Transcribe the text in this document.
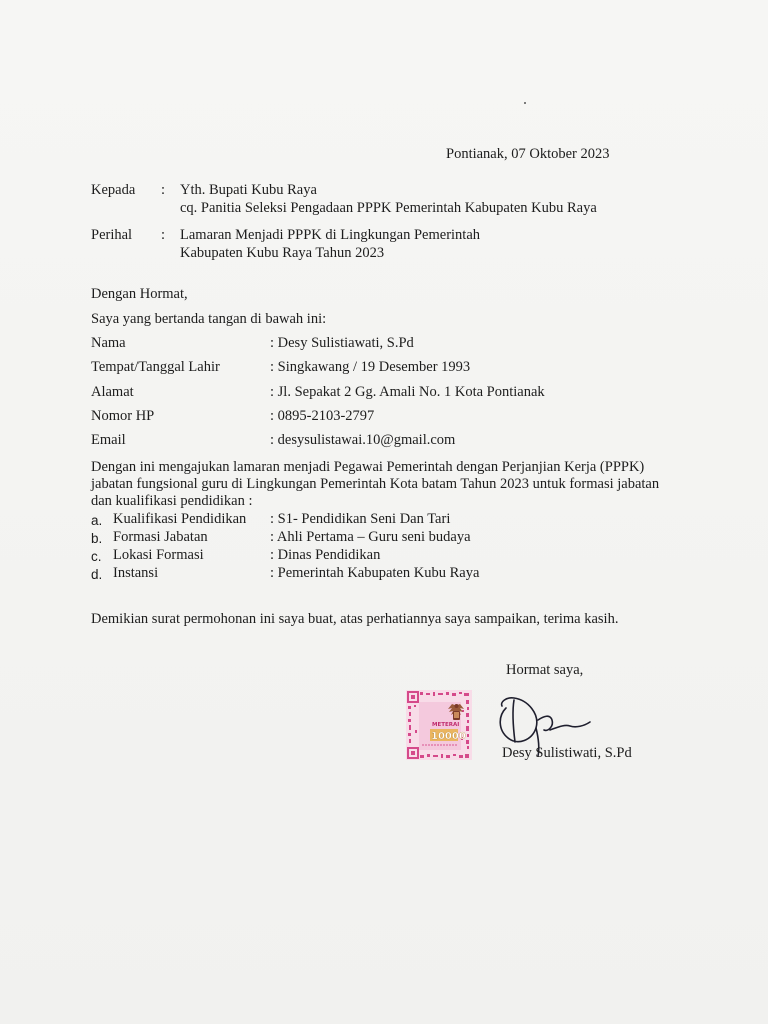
Pontianak, 07 Oktober 2023
Kepada : Yth. Bupati Kubu Raya
cq. Panitia Seleksi Pengadaan PPPK Pemerintah Kabupaten Kubu Raya
Perihal : Lamaran Menjadi PPPK di Lingkungan Pemerintah
Kabupaten Kubu Raya Tahun 2023
Dengan Hormat,
Saya yang bertanda tangan di bawah ini:
Nama	: Desy Sulistiawati, S.Pd
Tempat/Tanggal Lahir	: Singkawang / 19 Desember 1993
Alamat	: Jl. Sepakat 2 Gg. Amali No. 1 Kota Pontianak
Nomor HP	: 0895-2103-2797
Email	: desysulistawai.10@gmail.com
Dengan ini mengajukan lamaran menjadi Pegawai Pemerintah dengan Perjanjian Kerja (PPPK)
jabatan fungsional guru di Lingkungan Pemerintah Kota batam Tahun 2023 untuk formasi jabatan
dan kualifikasi pendidikan :
a. Kualifikasi Pendidikan : S1- Pendidikan Seni Dan Tari
b. Formasi Jabatan	: Ahli Pertama – Guru seni budaya
c. Lokasi Formasi	: Dinas Pendidikan
d. Instansi	: Pemerintah Kabupaten Kubu Raya
Demikian surat permohonan ini saya buat, atas perhatiannya saya sampaikan, terima kasih.
Hormat saya,
METERAI
10000
Desy Sulistiwati, S.Pd
